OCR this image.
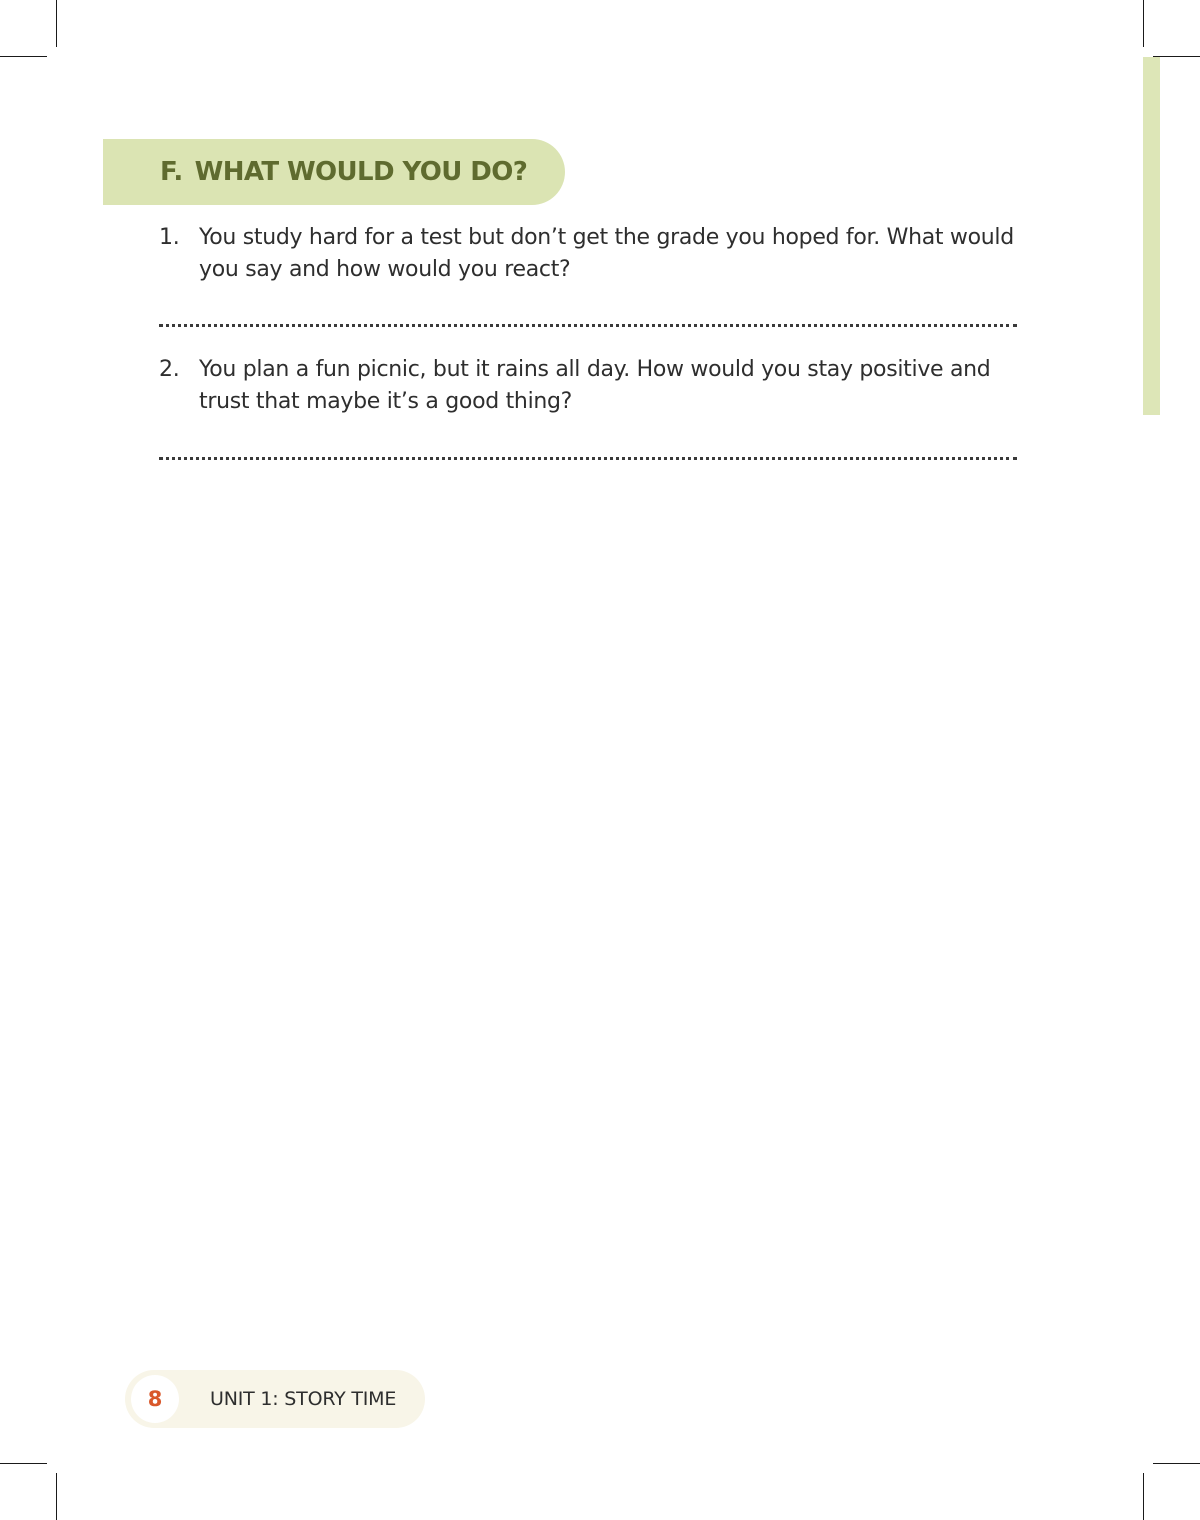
F. WHAT WOULD YOU DO?
1. You study hard for a test but don’t get the grade you hoped for. What would you say and how would you react?
2. You plan a fun picnic, but it rains all day. How would you stay positive and trust that maybe it’s a good thing?
8	UNIT 1: STORY TIME
